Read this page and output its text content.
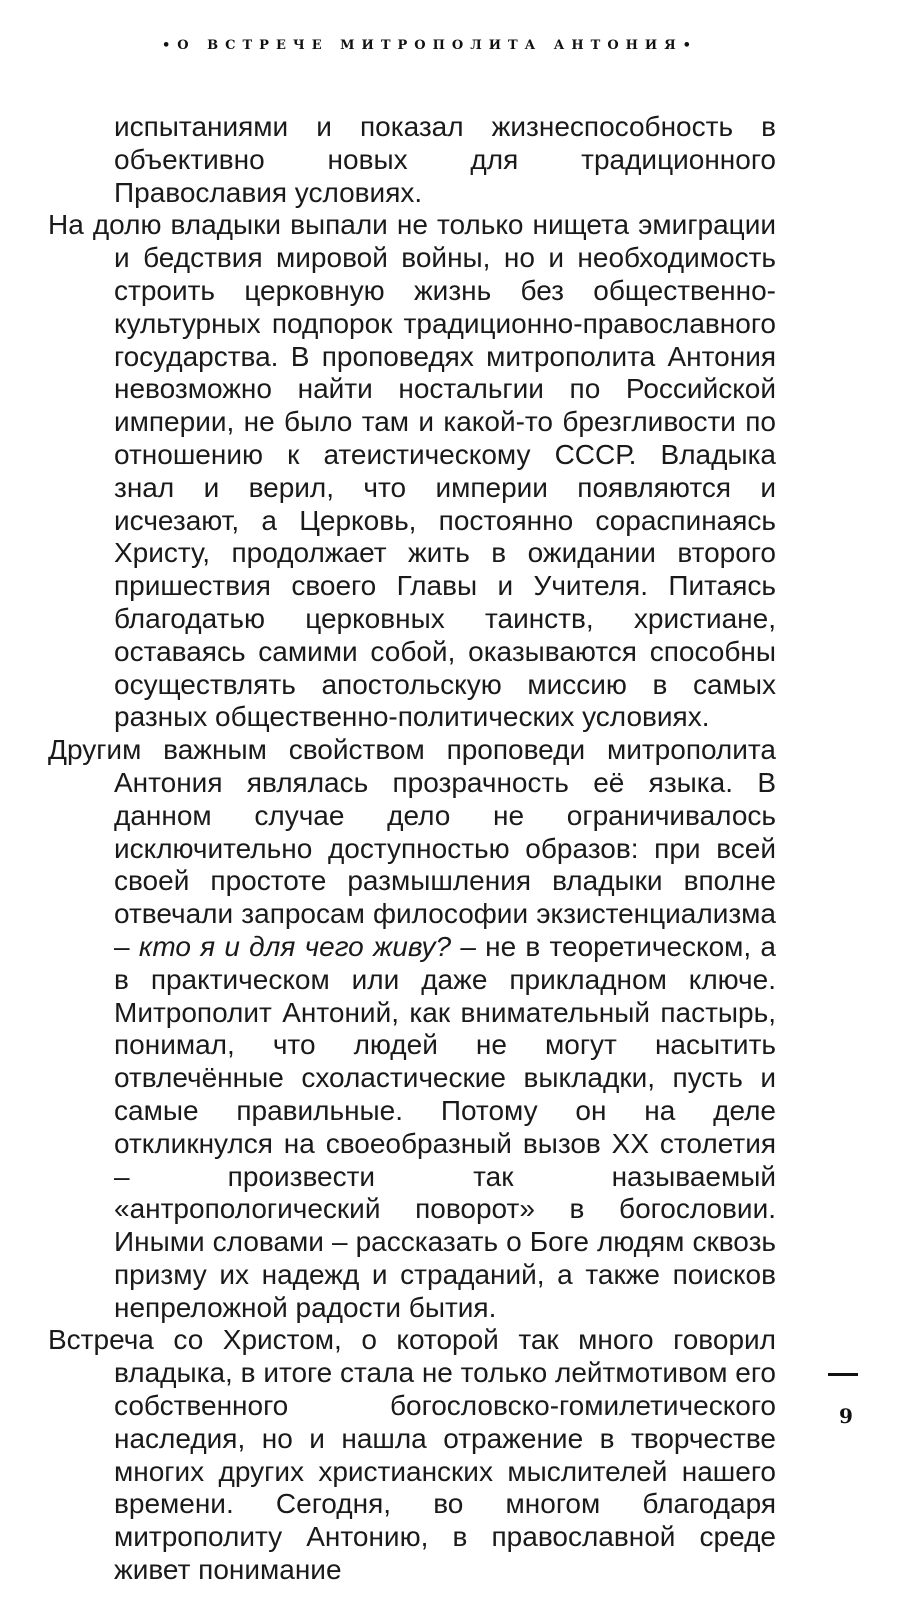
•О ВСТРЕЧЕ МИТРОПОЛИТА АНТОНИЯ•

испытаниями и показал жизнеспособность в объективно новых для традиционного Православия условиях.

На долю владыки выпали не только нищета эмиграции и бедствия мировой войны, но и необходимость строить церковную жизнь без общественно-культурных подпорок традиционно-православного государства. В проповедях митрополита Антония невозможно найти ностальгии по Российской империи, не было там и какой-то брезгливости по отношению к атеистическому СССР. Владыка знал и верил, что империи появляются и исчезают, а Церковь, постоянно сораспинаясь Христу, продолжает жить в ожидании второго пришествия своего Главы и Учителя. Питаясь благодатью церковных таинств, христиане, оставаясь самими собой, оказываются способны осуществлять апостольскую миссию в самых разных общественно-политических условиях.

Другим важным свойством проповеди митрополита Антония являлась прозрачность её языка. В данном случае дело не ограничивалось исключительно доступностью образов: при всей своей простоте размышления владыки вполне отвечали запросам философии экзистенциализма – кто я и для чего живу? – не в теоретическом, а в практическом или даже прикладном ключе. Митрополит Антоний, как внимательный пастырь, понимал, что людей не могут насытить отвлечённые схоластические выкладки, пусть и самые правильные. Потому он на деле откликнулся на своеобразный вызов XX столетия – произвести так называемый «антропологический поворот» в богословии. Иными словами – рассказать о Боге людям сквозь призму их надежд и страданий, а также поисков непреложной радости бытия.

Встреча со Христом, о которой так много говорил владыка, в итоге стала не только лейтмотивом его собственного богословско-гомилетического наследия, но и нашла отражение в творчестве многих других христианских мыслителей нашего времени. Сегодня, во многом благодаря митрополиту Антонию, в православной среде живет понимание

9
